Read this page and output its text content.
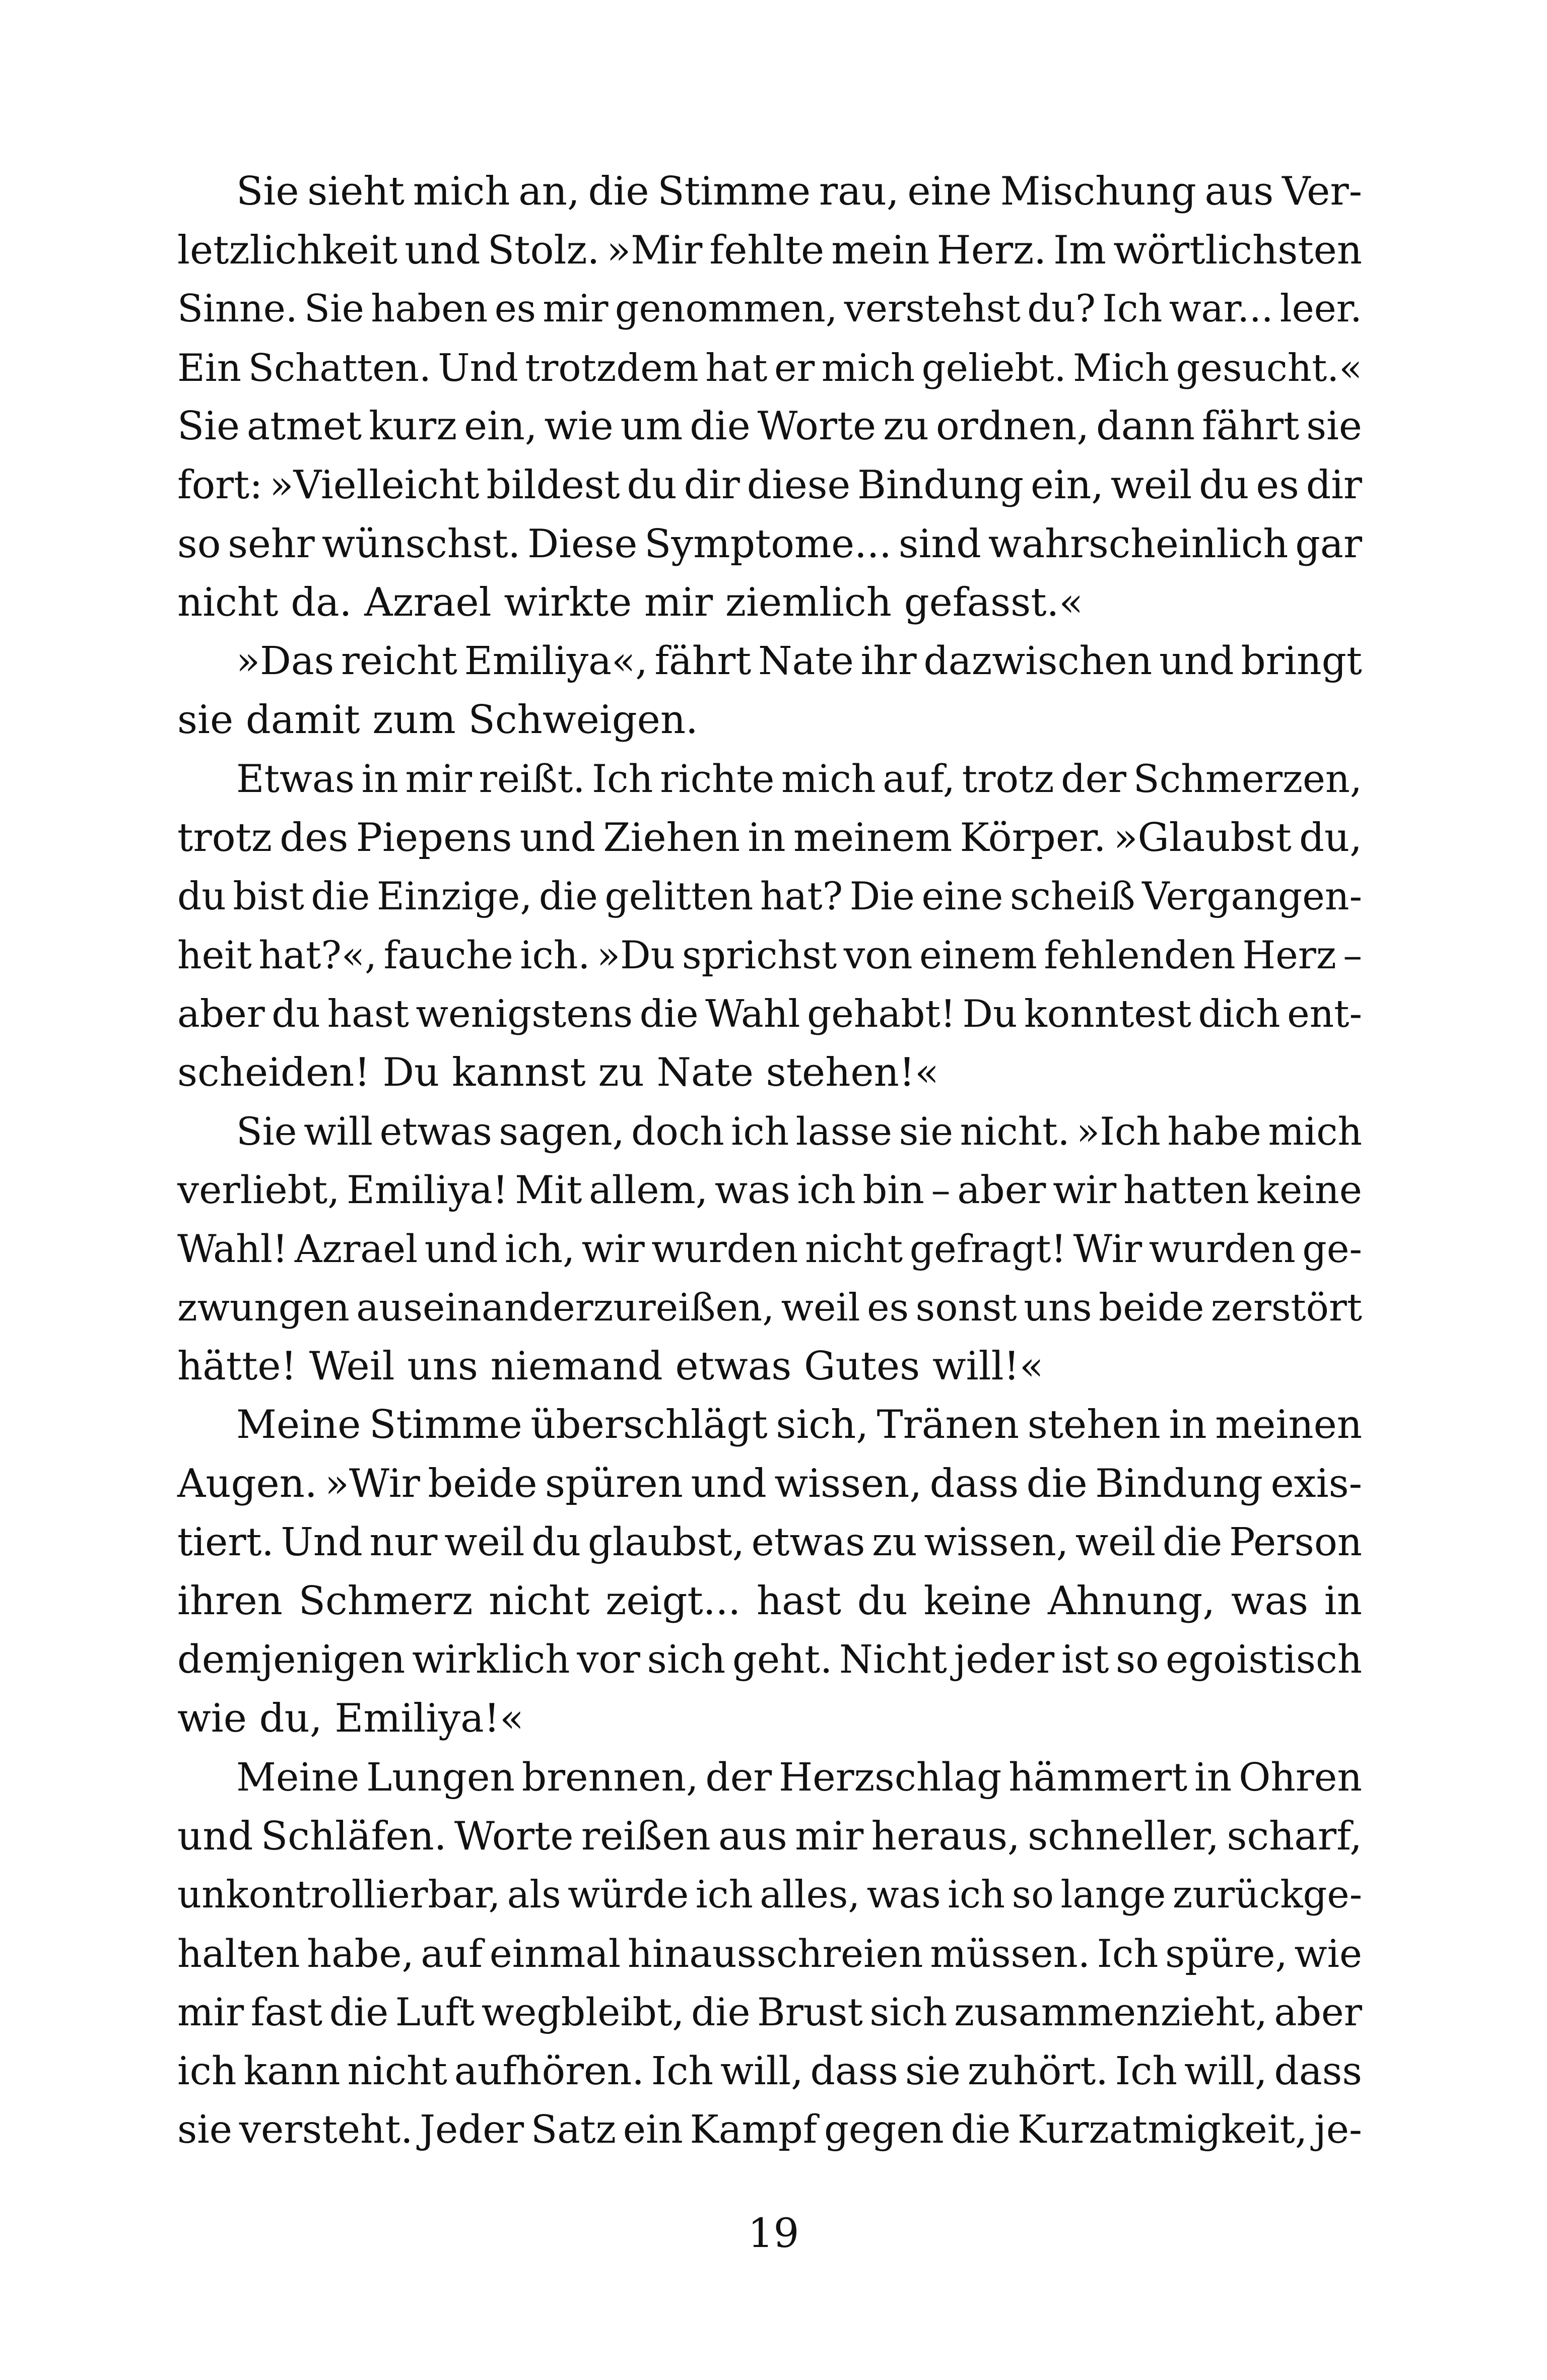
Sie sieht mich an, die Stimme rau, eine Mischung aus Ver-
letzlichkeit und Stolz. »Mir fehlte mein Herz. Im wörtlichsten
Sinne. Sie haben es mir genommen, verstehst du? Ich war... leer.
Ein Schatten. Und trotzdem hat er mich geliebt. Mich gesucht.«
Sie atmet kurz ein, wie um die Worte zu ordnen, dann fährt sie
fort: »Vielleicht bildest du dir diese Bindung ein, weil du es dir
so sehr wünschst. Diese Symptome... sind wahrscheinlich gar
nicht da. Azrael wirkte mir ziemlich gefasst.«
»Das reicht Emiliya«, fährt Nate ihr dazwischen und bringt
sie damit zum Schweigen.
Etwas in mir reißt. Ich richte mich auf, trotz der Schmerzen,
trotz des Piepens und Ziehen in meinem Körper. »Glaubst du,
du bist die Einzige, die gelitten hat? Die eine scheiß Vergangen-
heit hat?«, fauche ich. »Du sprichst von einem fehlenden Herz –
aber du hast wenigstens die Wahl gehabt! Du konntest dich ent-
scheiden! Du kannst zu Nate stehen!«
Sie will etwas sagen, doch ich lasse sie nicht. »Ich habe mich
verliebt, Emiliya! Mit allem, was ich bin – aber wir hatten keine
Wahl! Azrael und ich, wir wurden nicht gefragt! Wir wurden ge-
zwungen auseinanderzureißen, weil es sonst uns beide zerstört
hätte! Weil uns niemand etwas Gutes will!«
Meine Stimme überschlägt sich, Tränen stehen in meinen
Augen. »Wir beide spüren und wissen, dass die Bindung exis-
tiert. Und nur weil du glaubst, etwas zu wissen, weil die Person
ihren Schmerz nicht zeigt... hast du keine Ahnung, was in
demjenigen wirklich vor sich geht. Nicht jeder ist so egoistisch
wie du, Emiliya!«
Meine Lungen brennen, der Herzschlag hämmert in Ohren
und Schläfen. Worte reißen aus mir heraus, schneller, scharf,
unkontrollierbar, als würde ich alles, was ich so lange zurückge-
halten habe, auf einmal hinausschreien müssen. Ich spüre, wie
mir fast die Luft wegbleibt, die Brust sich zusammenzieht, aber
ich kann nicht aufhören. Ich will, dass sie zuhört. Ich will, dass
sie versteht. Jeder Satz ein Kampf gegen die Kurzatmigkeit, je-
19
